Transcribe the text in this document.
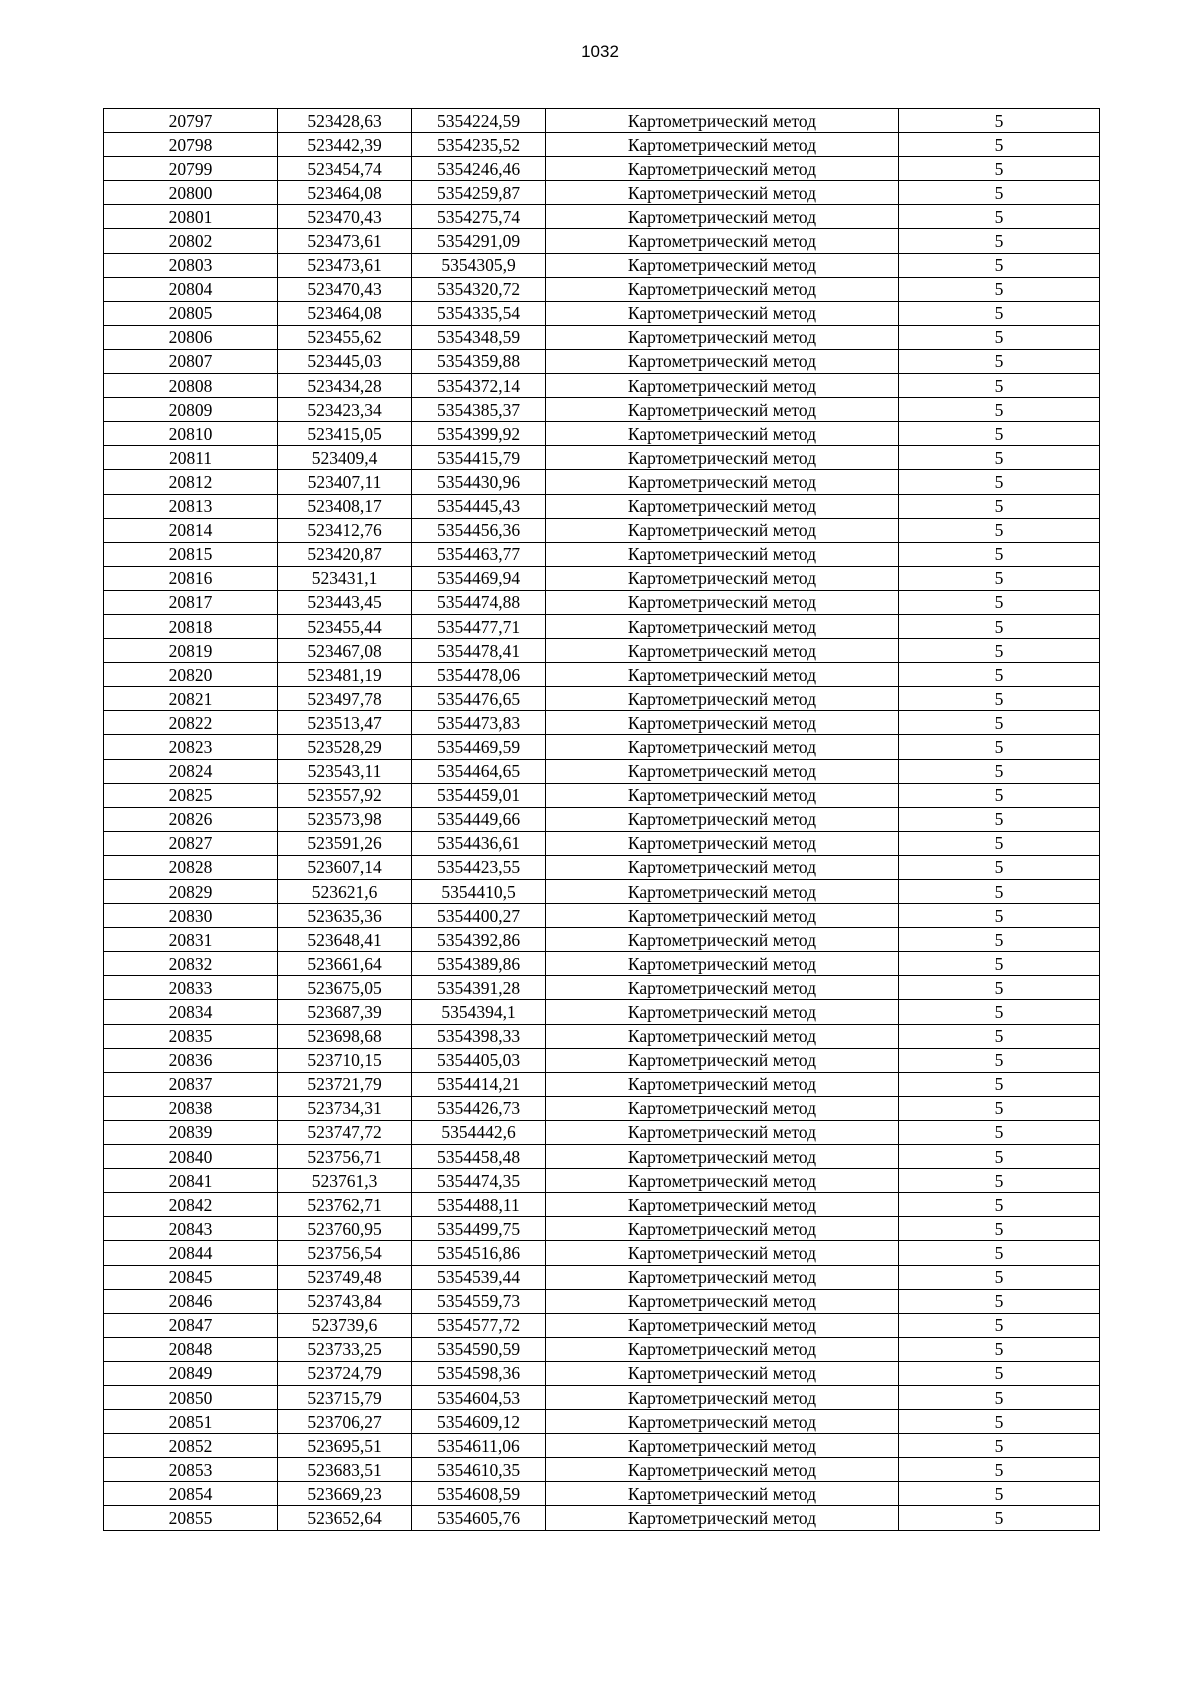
1032
20797	523428,63	5354224,59	Картометрический метод	5
20798	523442,39	5354235,52	Картометрический метод	5
20799	523454,74	5354246,46	Картометрический метод	5
20800	523464,08	5354259,87	Картометрический метод	5
20801	523470,43	5354275,74	Картометрический метод	5
20802	523473,61	5354291,09	Картометрический метод	5
20803	523473,61	5354305,9	Картометрический метод	5
20804	523470,43	5354320,72	Картометрический метод	5
20805	523464,08	5354335,54	Картометрический метод	5
20806	523455,62	5354348,59	Картометрический метод	5
20807	523445,03	5354359,88	Картометрический метод	5
20808	523434,28	5354372,14	Картометрический метод	5
20809	523423,34	5354385,37	Картометрический метод	5
20810	523415,05	5354399,92	Картометрический метод	5
20811	523409,4	5354415,79	Картометрический метод	5
20812	523407,11	5354430,96	Картометрический метод	5
20813	523408,17	5354445,43	Картометрический метод	5
20814	523412,76	5354456,36	Картометрический метод	5
20815	523420,87	5354463,77	Картометрический метод	5
20816	523431,1	5354469,94	Картометрический метод	5
20817	523443,45	5354474,88	Картометрический метод	5
20818	523455,44	5354477,71	Картометрический метод	5
20819	523467,08	5354478,41	Картометрический метод	5
20820	523481,19	5354478,06	Картометрический метод	5
20821	523497,78	5354476,65	Картометрический метод	5
20822	523513,47	5354473,83	Картометрический метод	5
20823	523528,29	5354469,59	Картометрический метод	5
20824	523543,11	5354464,65	Картометрический метод	5
20825	523557,92	5354459,01	Картометрический метод	5
20826	523573,98	5354449,66	Картометрический метод	5
20827	523591,26	5354436,61	Картометрический метод	5
20828	523607,14	5354423,55	Картометрический метод	5
20829	523621,6	5354410,5	Картометрический метод	5
20830	523635,36	5354400,27	Картометрический метод	5
20831	523648,41	5354392,86	Картометрический метод	5
20832	523661,64	5354389,86	Картометрический метод	5
20833	523675,05	5354391,28	Картометрический метод	5
20834	523687,39	5354394,1	Картометрический метод	5
20835	523698,68	5354398,33	Картометрический метод	5
20836	523710,15	5354405,03	Картометрический метод	5
20837	523721,79	5354414,21	Картометрический метод	5
20838	523734,31	5354426,73	Картометрический метод	5
20839	523747,72	5354442,6	Картометрический метод	5
20840	523756,71	5354458,48	Картометрический метод	5
20841	523761,3	5354474,35	Картометрический метод	5
20842	523762,71	5354488,11	Картометрический метод	5
20843	523760,95	5354499,75	Картометрический метод	5
20844	523756,54	5354516,86	Картометрический метод	5
20845	523749,48	5354539,44	Картометрический метод	5
20846	523743,84	5354559,73	Картометрический метод	5
20847	523739,6	5354577,72	Картометрический метод	5
20848	523733,25	5354590,59	Картометрический метод	5
20849	523724,79	5354598,36	Картометрический метод	5
20850	523715,79	5354604,53	Картометрический метод	5
20851	523706,27	5354609,12	Картометрический метод	5
20852	523695,51	5354611,06	Картометрический метод	5
20853	523683,51	5354610,35	Картометрический метод	5
20854	523669,23	5354608,59	Картометрический метод	5
20855	523652,64	5354605,76	Картометрический метод	5
